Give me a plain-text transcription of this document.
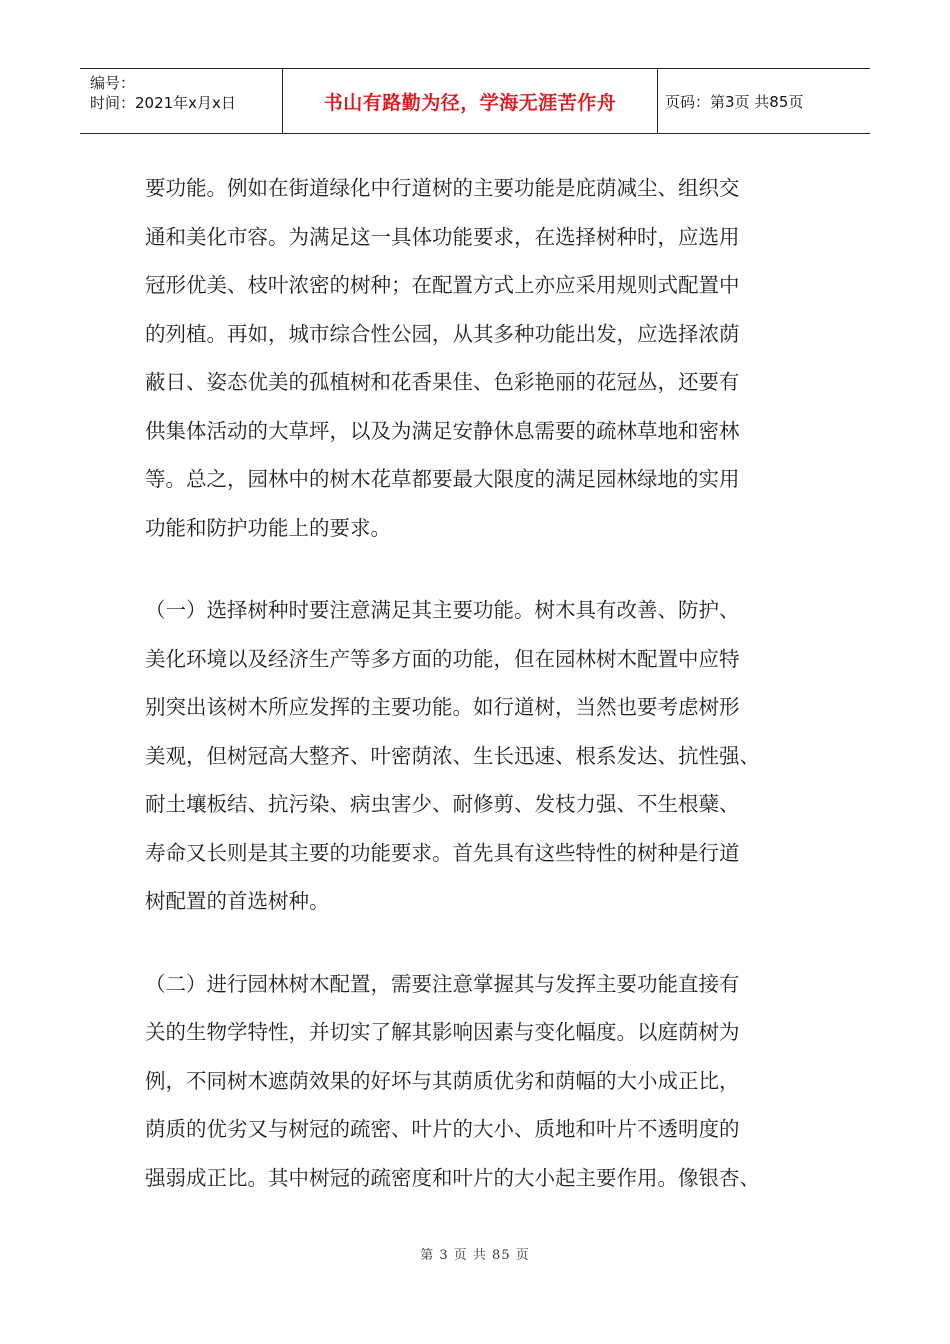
编号：
时间：2021年x月x日	书山有路勤为径，学海无涯苦作舟	页码：第3页 共85页
要功能。例如在街道绿化中行道树的主要功能是庇荫减尘、组织交
通和美化市容。为满足这一具体功能要求，在选择树种时，应选用
冠形优美、枝叶浓密的树种；在配置方式上亦应采用规则式配置中
的列植。再如，城市综合性公园，从其多种功能出发，应选择浓荫
蔽日、姿态优美的孤植树和花香果佳、色彩艳丽的花冠丛，还要有
供集体活动的大草坪，以及为满足安静休息需要的疏林草地和密林
等。总之，园林中的树木花草都要最大限度的满足园林绿地的实用
功能和防护功能上的要求。
（一）选择树种时要注意满足其主要功能。树木具有改善、防护、
美化环境以及经济生产等多方面的功能，但在园林树木配置中应特
别突出该树木所应发挥的主要功能。如行道树，当然也要考虑树形
美观，但树冠高大整齐、叶密荫浓、生长迅速、根系发达、抗性强、
耐土壤板结、抗污染、病虫害少、耐修剪、发枝力强、不生根蘖、
寿命又长则是其主要的功能要求。首先具有这些特性的树种是行道
树配置的首选树种。
（二）进行园林树木配置，需要注意掌握其与发挥主要功能直接有
关的生物学特性，并切实了解其影响因素与变化幅度。以庭荫树为
例，不同树木遮荫效果的好坏与其荫质优劣和荫幅的大小成正比，
荫质的优劣又与树冠的疏密、叶片的大小、质地和叶片不透明度的
强弱成正比。其中树冠的疏密度和叶片的大小起主要作用。像银杏、
第 3 页 共 85 页
